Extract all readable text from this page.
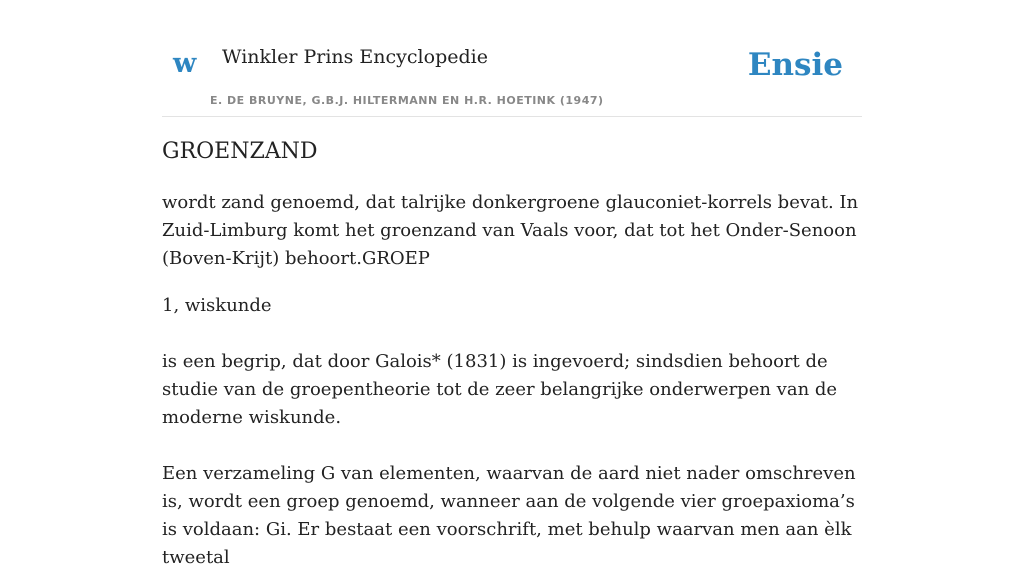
w Winkler Prins Encyclopedie
E. DE BRUYNE, G.B.J. HILTERMANN EN H.R. HOETINK (1947)
Ensie
GROENZAND

wordt zand genoemd, dat talrijke donkergroene glauconiet-korrels bevat. In Zuid-Limburg komt het groenzand van Vaals voor, dat tot het Onder-Senoon (Boven-Krijt) behoort.GROEP

1, wiskunde

is een begrip, dat door Galois* (1831) is ingevoerd; sindsdien behoort de studie van de groepentheorie tot de zeer belangrijke onderwerpen van de moderne wiskunde.

Een verzameling G van elementen, waarvan de aard niet nader omschreven is, wordt een groep genoemd, wanneer aan de volgende vier groepaxioma’s is voldaan: Gi. Er bestaat een voorschrift, met behulp waarvan men aan èlk tweetal
